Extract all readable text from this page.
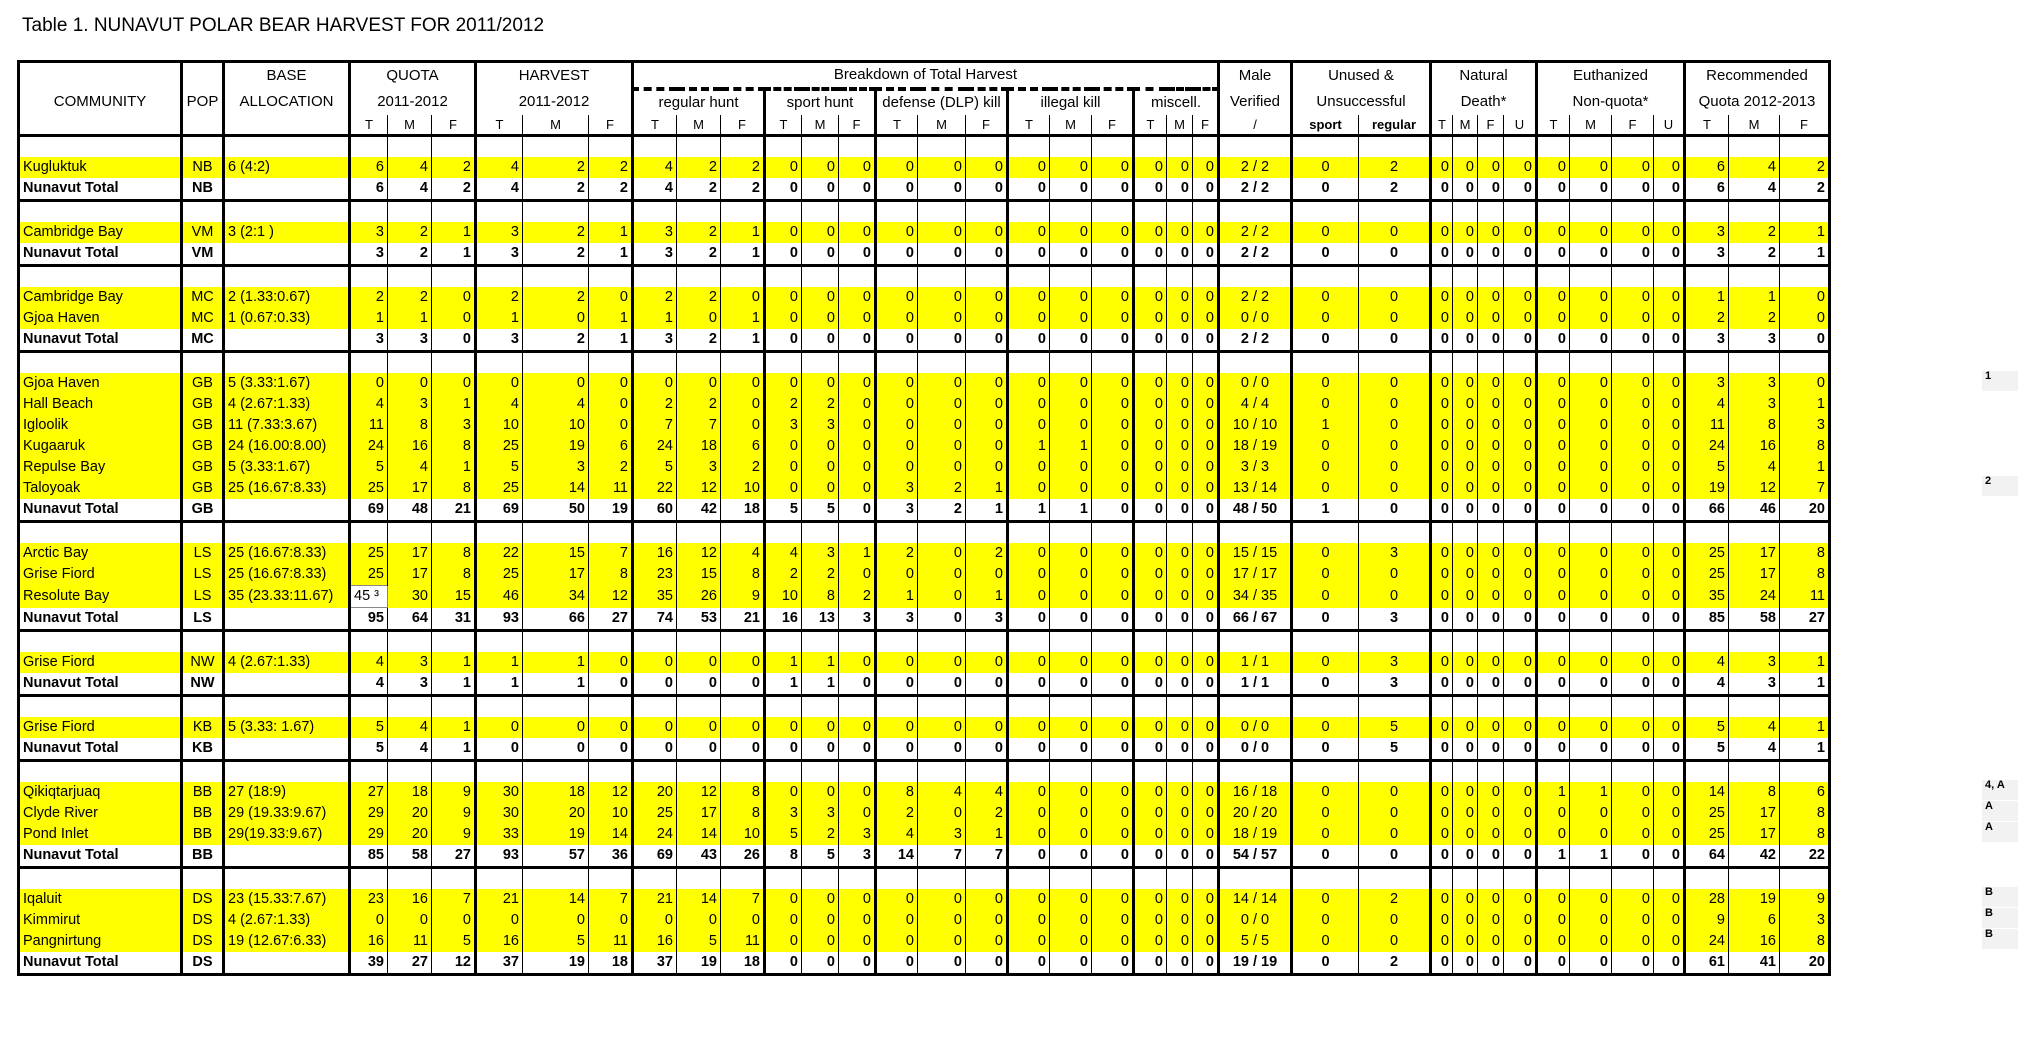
Table 1. NUNAVUT POLAR BEAR HARVEST FOR 2011/2012
		BASE	QUOTA			HARVEST			Breakdown of Total Harvest															Male	Unused &		Natural				Euthanized				Recommended		
COMMUNITY	POP	ALLOCATION	2011-2012			2011-2012			regular hunt			sport hunt			defense (DLP) kill			illegal kill			miscell.			Verified	Unsuccessful		Death*				Non-quota*				Quota 2012-2013		
			T	M	F	T	M	F	T	M	F	T	M	F	T	M	F	T	M	F	T	M	F	/	sport	regular	T	M	F	U	T	M	F	U	T	M	F

Kugluktuk	NB	6 (4:2)	6	4	2	4	2	2	4	2	2	0	0	0	0	0	0	0	0	0	0	0	0	2 / 2	0	2	0	0	0	0	0	0	0	0	6	4	2
Nunavut Total	NB		6	4	2	4	2	2	4	2	2	0	0	0	0	0	0	0	0	0	0	0	0	2 / 2	0	2	0	0	0	0	0	0	0	0	6	4	2

Cambridge Bay	VM	3 (2:1 )	3	2	1	3	2	1	3	2	1	0	0	0	0	0	0	0	0	0	0	0	0	2 / 2	0	0	0	0	0	0	0	0	0	0	3	2	1
Nunavut Total	VM		3	2	1	3	2	1	3	2	1	0	0	0	0	0	0	0	0	0	0	0	0	2 / 2	0	0	0	0	0	0	0	0	0	0	3	2	1

Cambridge Bay	MC	2 (1.33:0.67)	2	2	0	2	2	0	2	2	0	0	0	0	0	0	0	0	0	0	0	0	0	2 / 2	0	0	0	0	0	0	0	0	0	0	1	1	0
Gjoa Haven	MC	1 (0.67:0.33)	1	1	0	1	0	1	1	0	1	0	0	0	0	0	0	0	0	0	0	0	0	0 / 0	0	0	0	0	0	0	0	0	0	0	2	2	0
Nunavut Total	MC		3	3	0	3	2	1	3	2	1	0	0	0	0	0	0	0	0	0	0	0	0	2 / 2	0	0	0	0	0	0	0	0	0	0	3	3	0

Gjoa Haven	GB	5 (3.33:1.67)	0	0	0	0	0	0	0	0	0	0	0	0	0	0	0	0	0	0	0	0	0	0 / 0	0	0	0	0	0	0	0	0	0	0	3	3	0
Hall Beach	GB	4 (2.67:1.33)	4	3	1	4	4	0	2	2	0	2	2	0	0	0	0	0	0	0	0	0	0	4 / 4	0	0	0	0	0	0	0	0	0	0	4	3	1
Igloolik	GB	11 (7.33:3.67)	11	8	3	10	10	0	7	7	0	3	3	0	0	0	0	0	0	0	0	0	0	10 / 10	1	0	0	0	0	0	0	0	0	0	11	8	3
Kugaaruk	GB	24 (16.00:8.00)	24	16	8	25	19	6	24	18	6	0	0	0	0	0	0	1	1	0	0	0	0	18 / 19	0	0	0	0	0	0	0	0	0	0	24	16	8
Repulse Bay	GB	5 (3.33:1.67)	5	4	1	5	3	2	5	3	2	0	0	0	0	0	0	0	0	0	0	0	0	3 / 3	0	0	0	0	0	0	0	0	0	0	5	4	1
Taloyoak	GB	25 (16.67:8.33)	25	17	8	25	14	11	22	12	10	0	0	0	3	2	1	0	0	0	0	0	0	13 / 14	0	0	0	0	0	0	0	0	0	0	19	12	7
Nunavut Total	GB		69	48	21	69	50	19	60	42	18	5	5	0	3	2	1	1	1	0	0	0	0	48 / 50	1	0	0	0	0	0	0	0	0	0	66	46	20

Arctic Bay	LS	25 (16.67:8.33)	25	17	8	22	15	7	16	12	4	4	3	1	2	0	2	0	0	0	0	0	0	15 / 15	0	3	0	0	0	0	0	0	0	0	25	17	8
Grise Fiord	LS	25 (16.67:8.33)	25	17	8	25	17	8	23	15	8	2	2	0	0	0	0	0	0	0	0	0	0	17 / 17	0	0	0	0	0	0	0	0	0	0	25	17	8
Resolute Bay	LS	35 (23.33:11.67)	45 ³	30	15	46	34	12	35	26	9	10	8	2	1	0	1	0	0	0	0	0	0	34 / 35	0	0	0	0	0	0	0	0	0	0	35	24	11
Nunavut Total	LS		95	64	31	93	66	27	74	53	21	16	13	3	3	0	3	0	0	0	0	0	0	66 / 67	0	3	0	0	0	0	0	0	0	0	85	58	27

Grise Fiord	NW	4 (2.67:1.33)	4	3	1	1	1	0	0	0	0	1	1	0	0	0	0	0	0	0	0	0	0	1 / 1	0	3	0	0	0	0	0	0	0	0	4	3	1
Nunavut Total	NW		4	3	1	1	1	0	0	0	0	1	1	0	0	0	0	0	0	0	0	0	0	1 / 1	0	3	0	0	0	0	0	0	0	0	4	3	1

Grise Fiord	KB	5 (3.33: 1.67)	5	4	1	0	0	0	0	0	0	0	0	0	0	0	0	0	0	0	0	0	0	0 / 0	0	5	0	0	0	0	0	0	0	0	5	4	1
Nunavut Total	KB		5	4	1	0	0	0	0	0	0	0	0	0	0	0	0	0	0	0	0	0	0	0 / 0	0	5	0	0	0	0	0	0	0	0	5	4	1

Qikiqtarjuaq	BB	27 (18:9)	27	18	9	30	18	12	20	12	8	0	0	0	8	4	4	0	0	0	0	0	0	16 / 18	0	0	0	0	0	0	1	1	0	0	14	8	6
Clyde River	BB	29 (19.33:9.67)	29	20	9	30	20	10	25	17	8	3	3	0	2	0	2	0	0	0	0	0	0	20 / 20	0	0	0	0	0	0	0	0	0	0	25	17	8
Pond Inlet	BB	29(19.33:9.67)	29	20	9	33	19	14	24	14	10	5	2	3	4	3	1	0	0	0	0	0	0	18 / 19	0	0	0	0	0	0	0	0	0	0	25	17	8
Nunavut Total	BB		85	58	27	93	57	36	69	43	26	8	5	3	14	7	7	0	0	0	0	0	0	54 / 57	0	0	0	0	0	0	1	1	0	0	64	42	22

Iqaluit	DS	23 (15.33:7.67)	23	16	7	21	14	7	21	14	7	0	0	0	0	0	0	0	0	0	0	0	0	14 / 14	0	2	0	0	0	0	0	0	0	0	28	19	9
Kimmirut	DS	4 (2.67:1.33)	0	0	0	0	0	0	0	0	0	0	0	0	0	0	0	0	0	0	0	0	0	0 / 0	0	0	0	0	0	0	0	0	0	0	9	6	3
Pangnirtung	DS	19 (12.67:6.33)	16	11	5	16	5	11	16	5	11	0	0	0	0	0	0	0	0	0	0	0	0	5 / 5	0	0	0	0	0	0	0	0	0	0	24	16	8
Nunavut Total	DS		39	27	12	37	19	18	37	19	18	0	0	0	0	0	0	0	0	0	0	0	0	19 / 19	0	2	0	0	0	0	0	0	0	0	61	41	20
1
2
4, A
A
A
B
B
B
